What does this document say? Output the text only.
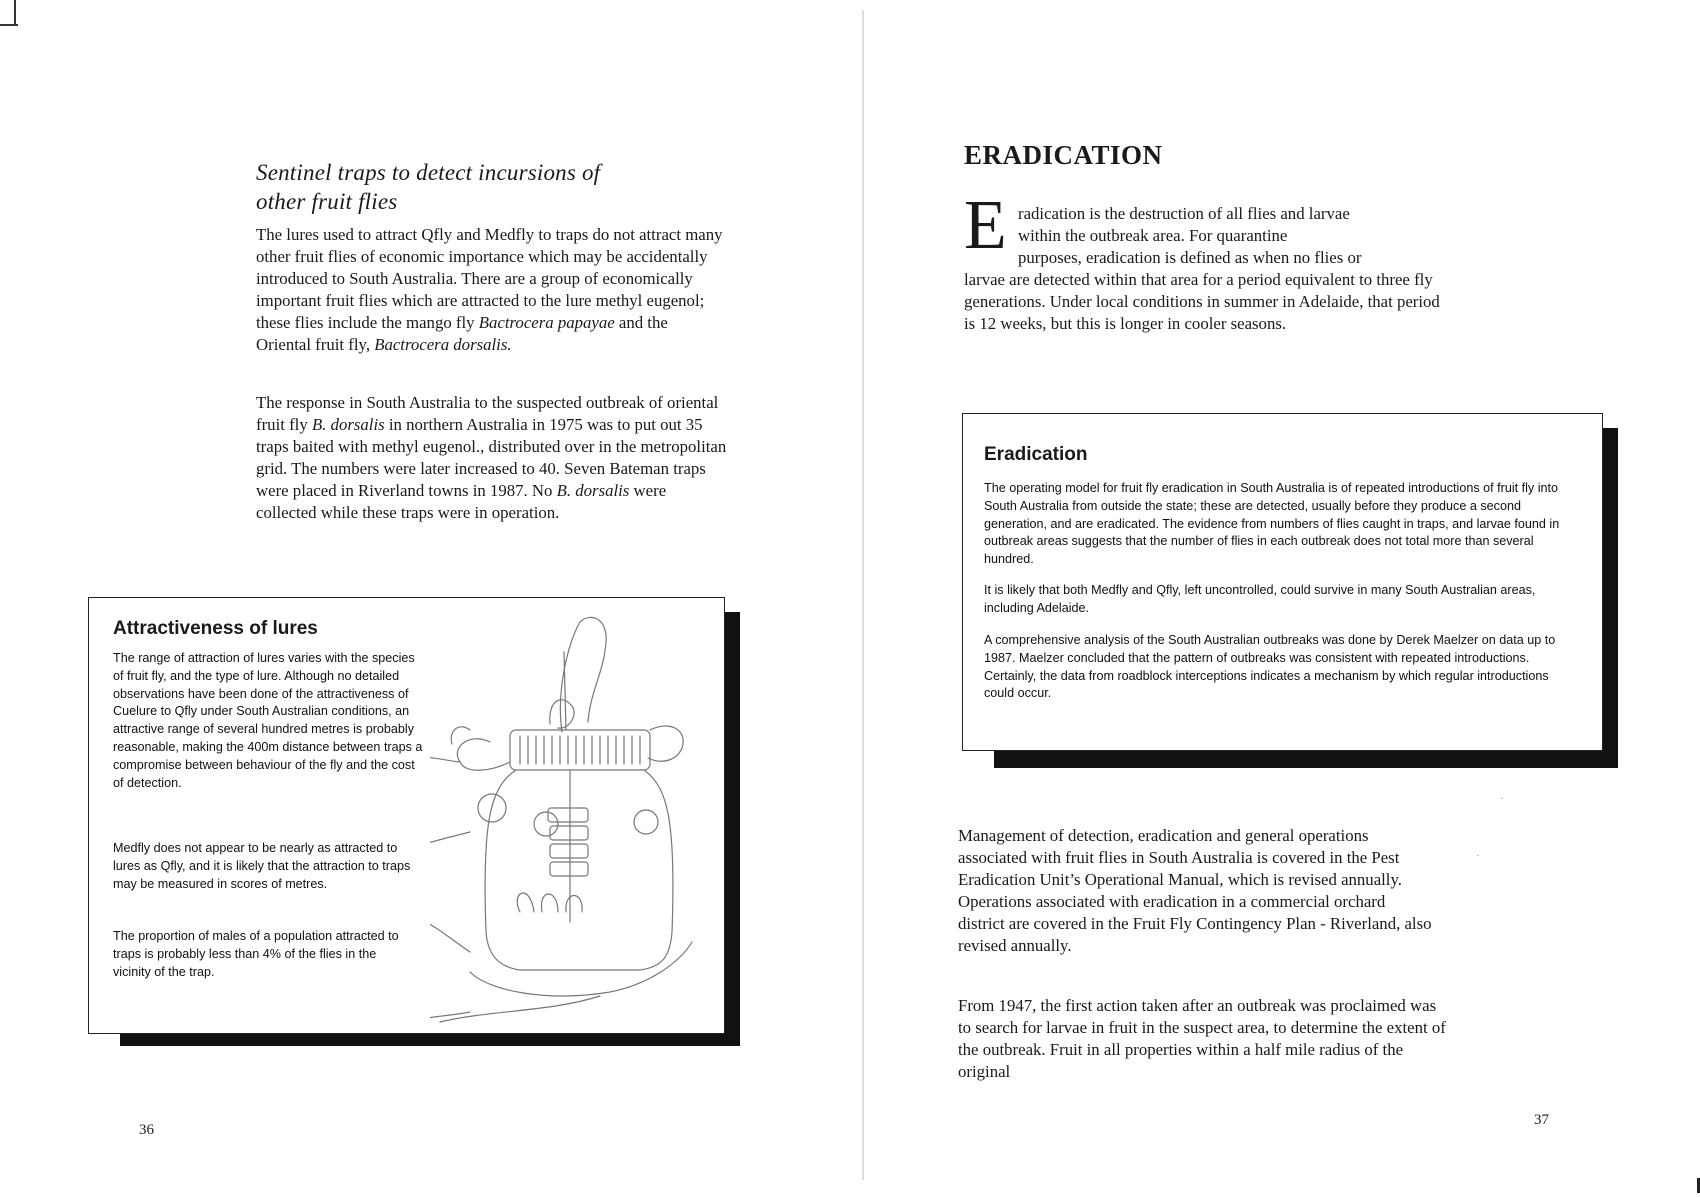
Sentinel traps to detect incursions of
other fruit flies

The lures used to attract Qfly and Medfly to traps do not attract many other fruit flies of economic importance which may be accidentally introduced to South Australia. There are a group of economically important fruit flies which are attracted to the lure methyl eugenol; these flies include the mango fly Bactrocera papayae and the Oriental fruit fly, Bactrocera dorsalis.

The response in South Australia to the suspected outbreak of oriental fruit fly B. dorsalis in northern Australia in 1975 was to put out 35 traps baited with methyl eugenol., distributed over in the metropolitan grid. The numbers were later increased to 40. Seven Bateman traps were placed in Riverland towns in 1987. No B. dorsalis were collected while these traps were in operation.

Attractiveness of lures

The range of attraction of lures varies with the species of fruit fly, and the type of lure. Although no detailed observations have been done of the attractiveness of Cuelure to Qfly under South Australian conditions, an attractive range of several hundred metres is probably reasonable, making the 400m distance between traps a compromise between behaviour of the fly and the cost of detection.

Medfly does not appear to be nearly as attracted to lures as Qfly, and it is likely that the attraction to traps may be measured in scores of metres.

The proportion of males of a population attracted to traps is probably less than 4% of the flies in the vicinity of the trap.

36
ERADICATION
E radication is the destruction of all flies and larvae
within the outbreak area. For quarantine
purposes, eradication is defined as when no flies or

larvae are detected within that area for a period equivalent to three fly generations. Under local conditions in summer in Adelaide, that period is 12 weeks, but this is longer in cooler seasons.

Eradication

The operating model for fruit fly eradication in South Australia is of repeated introductions of fruit fly into South Australia from outside the state; these are detected, usually before they produce a second generation, and are eradicated. The evidence from numbers of flies caught in traps, and larvae found in outbreak areas suggests that the number of flies in each outbreak does not total more than several hundred.

It is likely that both Medfly and Qfly, left uncontrolled, could survive in many South Australian areas, including Adelaide.

A comprehensive analysis of the South Australian outbreaks was done by Derek Maelzer on data up to 1987. Maelzer concluded that the pattern of outbreaks was consistent with repeated introductions. Certainly, the data from roadblock interceptions indicates a mechanism by which regular introductions could occur.

Management of detection, eradication and general operations associated with fruit flies in South Australia is covered in the Pest Eradication Unit’s Operational Manual, which is revised annually. Operations associated with eradication in a commercial orchard district are covered in the Fruit Fly Contingency Plan - Riverland, also revised annually.

From 1947, the first action taken after an outbreak was proclaimed was to search for larvae in fruit in the suspect area, to determine the extent of the outbreak. Fruit in all properties within a half mile radius of the original

·
·
37
